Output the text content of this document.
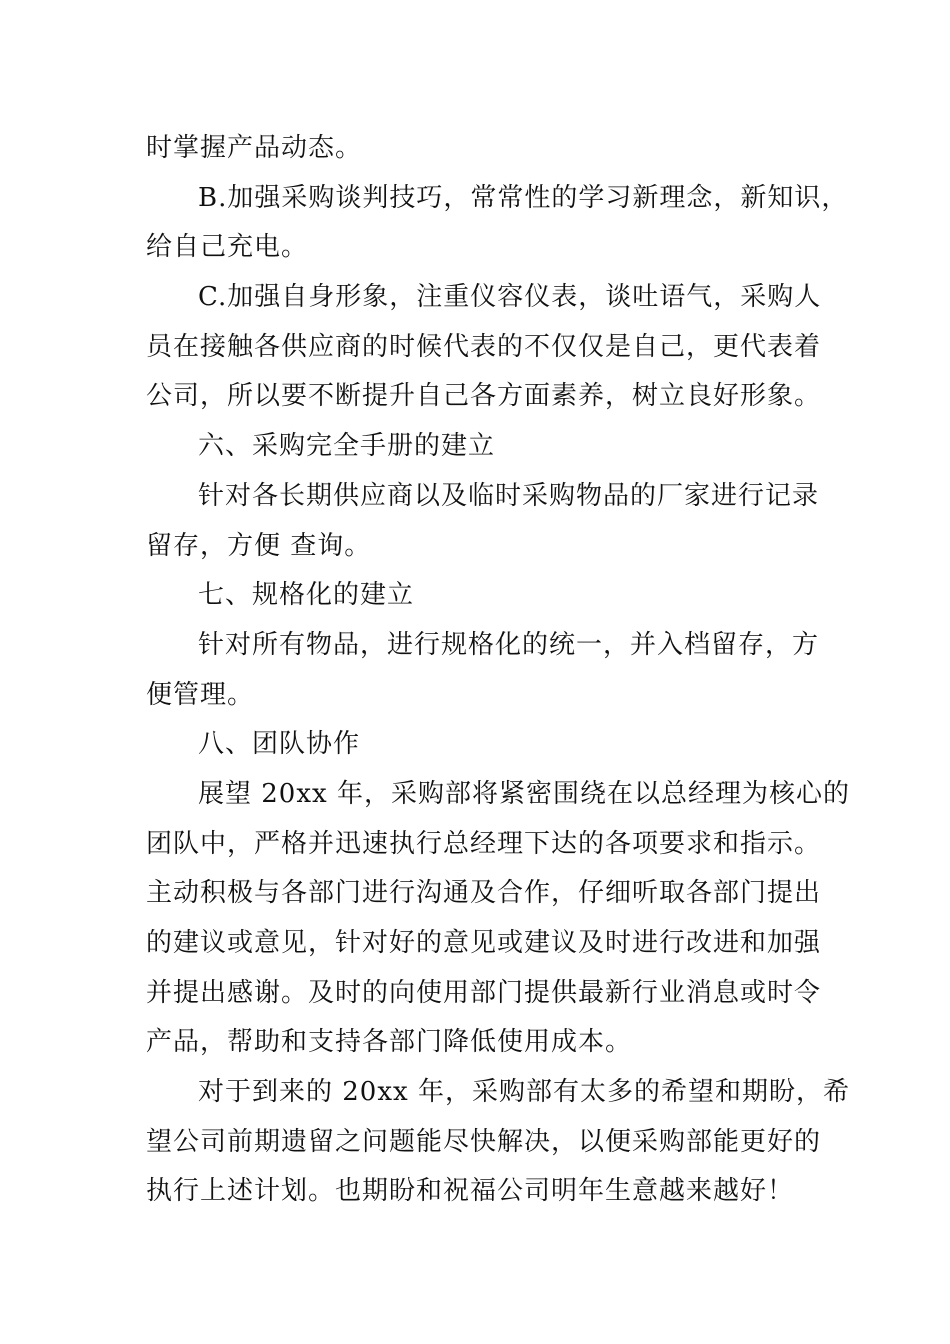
时掌握产品动态。
B.加强采购谈判技巧，常常性的学习新理念，新知识，
给自己充电。
C.加强自身形象，注重仪容仪表，谈吐语气，采购人
员在接触各供应商的时候代表的不仅仅是自己，更代表着
公司，所以要不断提升自己各方面素养，树立良好形象。
六、采购完全手册的建立
针对各长期供应商以及临时采购物品的厂家进行记录
留存，方便 查询。
七、规格化的建立
针对所有物品，进行规格化的统一，并入档留存，方
便管理。
八、团队协作
展望 20xx 年，采购部将紧密围绕在以总经理为核心的
团队中，严格并迅速执行总经理下达的各项要求和指示。
主动积极与各部门进行沟通及合作，仔细听取各部门提出
的建议或意见，针对好的意见或建议及时进行改进和加强
并提出感谢。及时的向使用部门提供最新行业消息或时令
产品，帮助和支持各部门降低使用成本。
对于到来的 20xx 年，采购部有太多的希望和期盼，希
望公司前期遗留之问题能尽快解决，以便采购部能更好的
执行上述计划。也期盼和祝福公司明年生意越来越好！
